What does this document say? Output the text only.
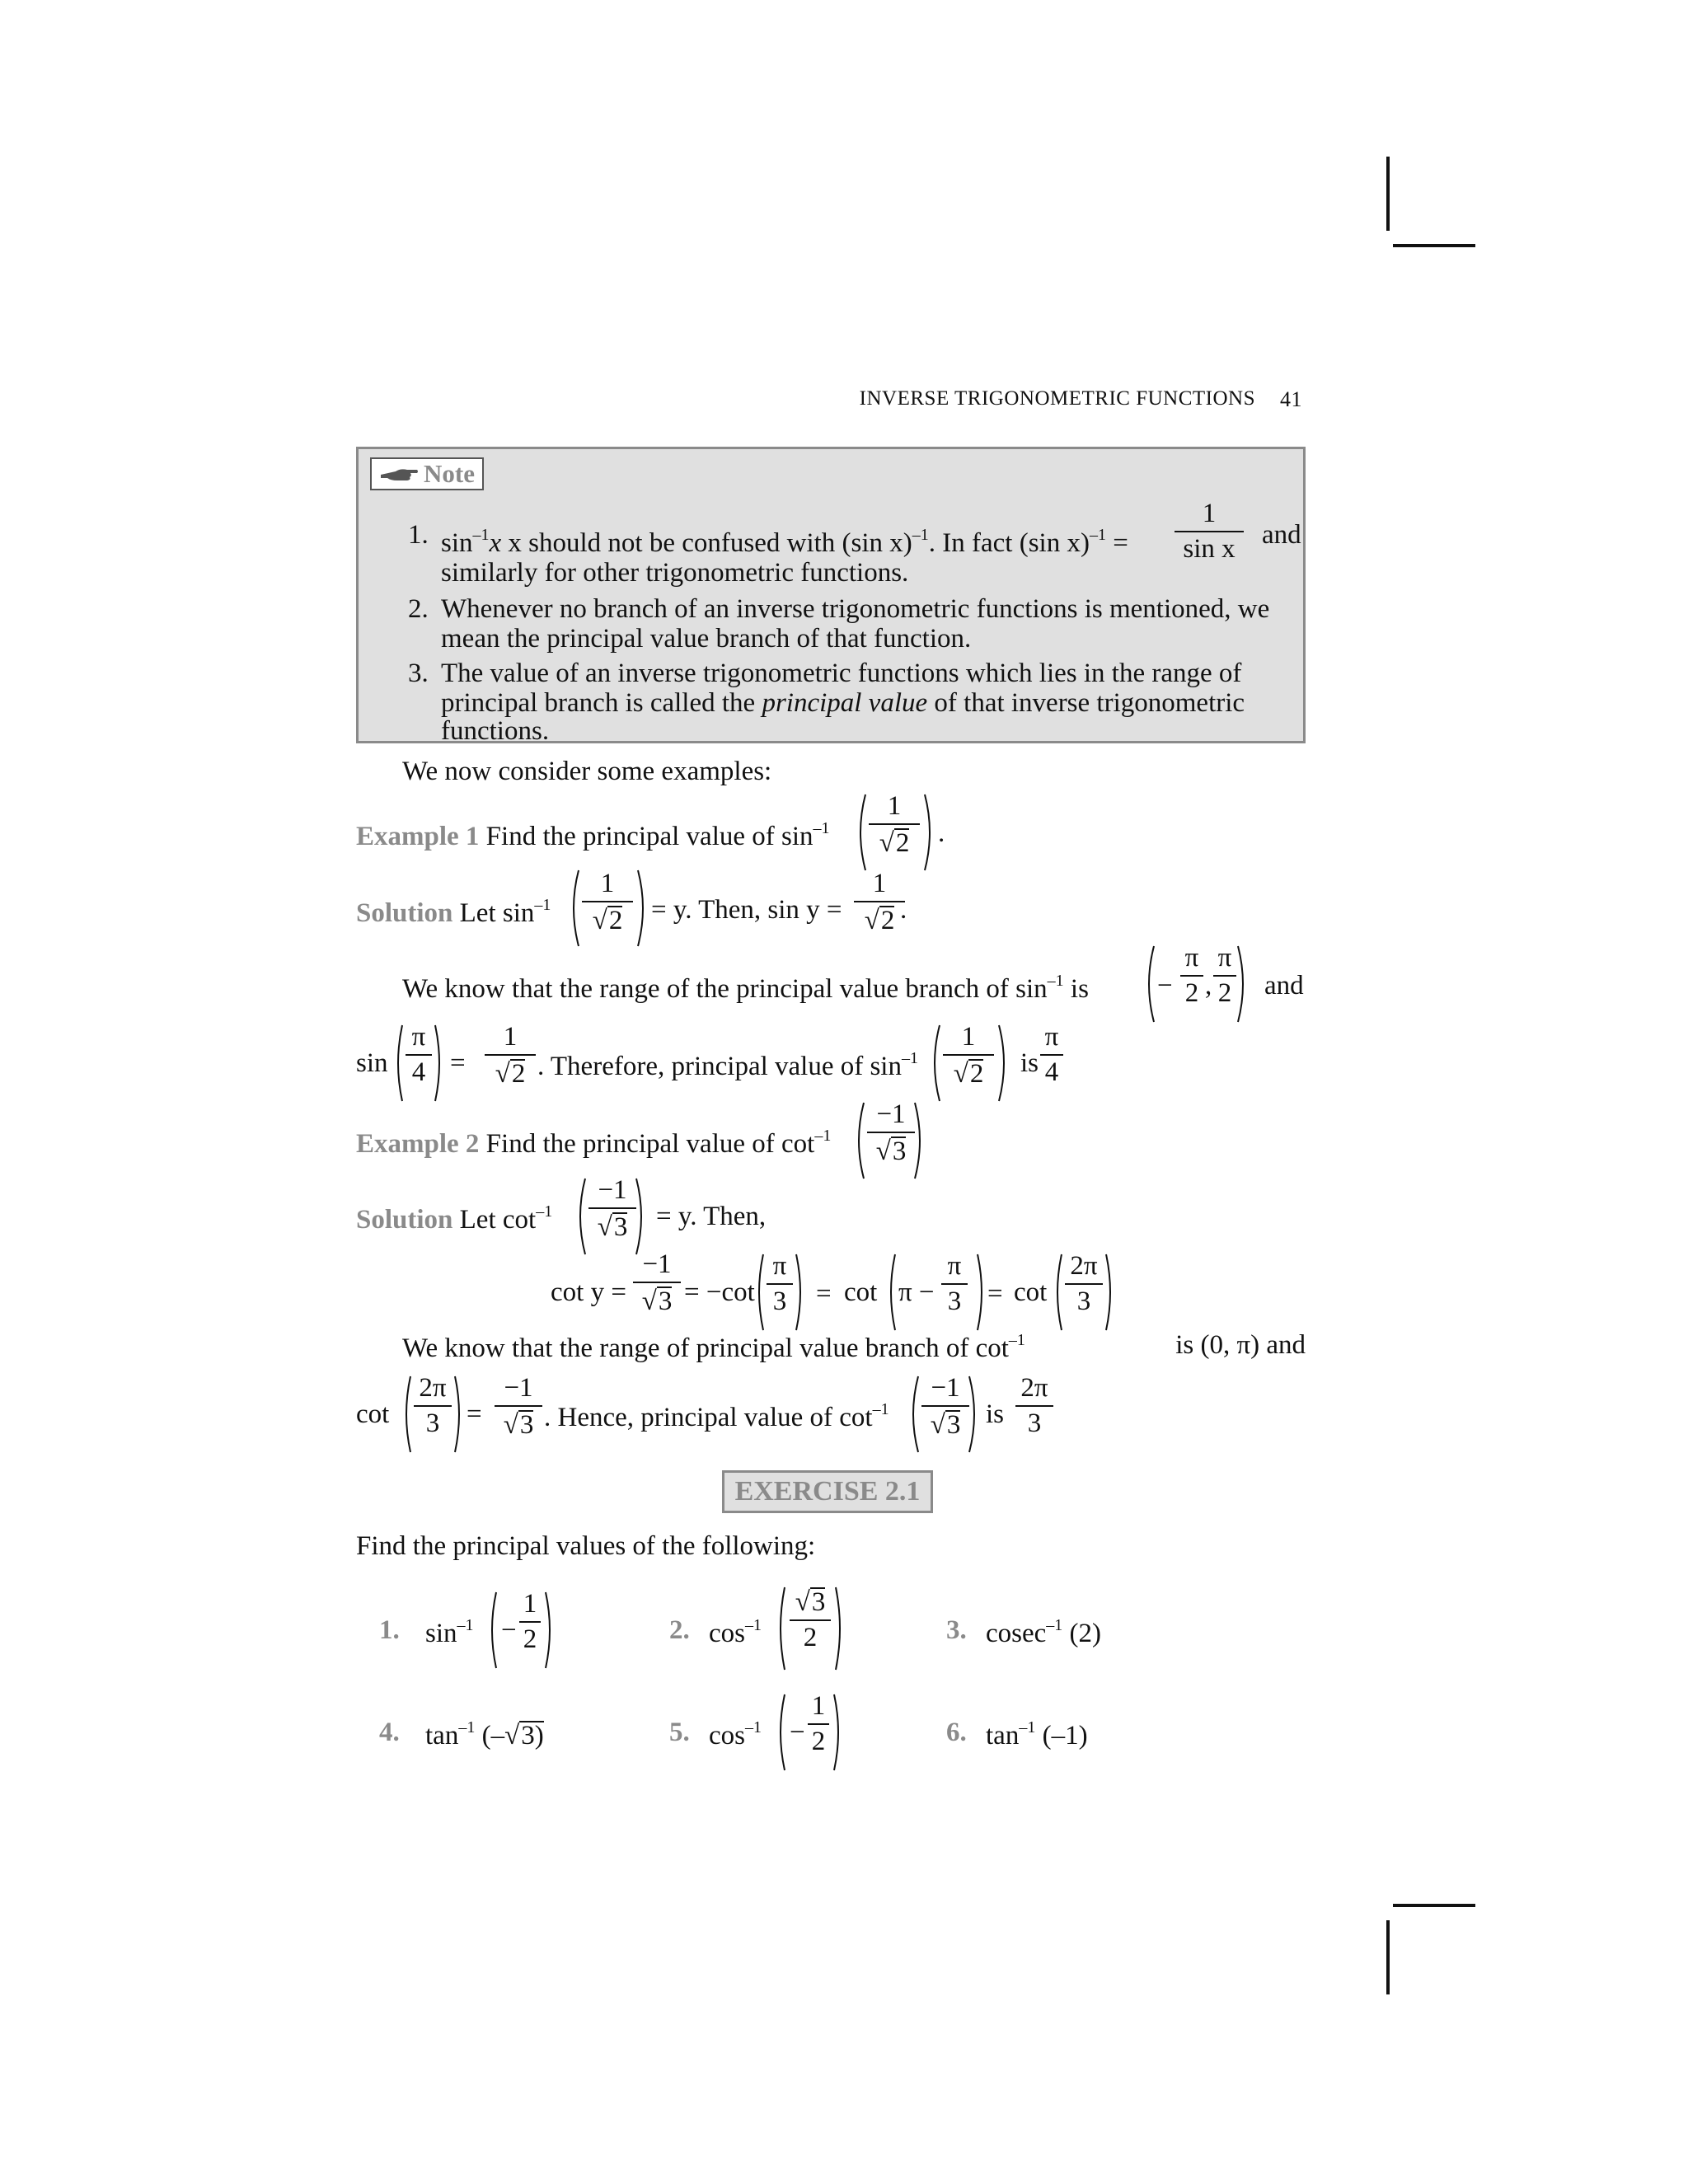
INVERSE TRIGONOMETRIC FUNCTIONS 41
Note
1. $\sin^{-1}x$ x should not be confused with (sin x)$^{-1}$. In fact (sin x)$^{-1}$ =
1
sin x and
similarly for other trigonometric functions.
2. Whenever no branch of an inverse trigonometric functions is mentioned, we
mean the principal value branch of that function.
3. The value of an inverse trigonometric functions which lies in the range of
principal branch is called the principal value of that inverse trigonometric
functions.
We now consider some examples:
Example 1 Find the principal value of $\sin^{-1}$
1
√2 .
Solution Let $\sin^{-1}$
1
√2 = y. Then, sin y =
1
√2 .
We know that the range of the principal value branch of $\sin^{-1}$ is	−
π
2 ,
π
2 and
sin
π
4 =
1
√2 . Therefore, principal value of $\sin^{-1}$
1
√2 is
π
4
Example 2 Find the principal value of $\cot^{-1}$
−1
√3
Solution Let $\cot^{-1}$
−1
√3 = y. Then,
cot y =
−1
√3 = −cot
π
3 = cot π −
π
3 = cot
2π
3
We know that the range of principal value branch of $\cot^{-1}$	is (0, π) and
cot
2π
3 =
−1
√3 . Hence, principal value of $\cot^{-1}$
−1
√3 is
2π
3
EXERCISE 2.1
Find the principal values of the following:
1. $\sin^{-1}$ −
1
2	2. $\cos^{-1}$
√3
2	3. cosec$^{-1}$ (2)
4. $\tan^{-1} (-√3)$	5. $\cos^{-1}$ −
1
2	6. $\tan^{-1} (-1)$
